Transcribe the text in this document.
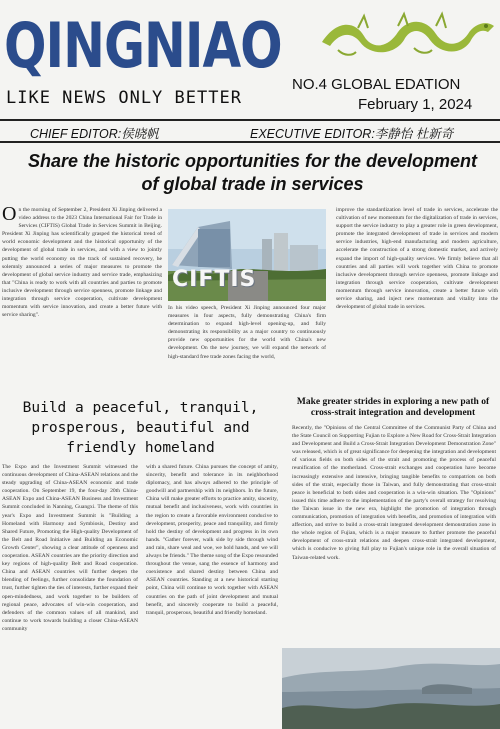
QINGNIAO
LIKE NEWS ONLY BETTER
NO.4 GLOBAL EDATION
February 1, 2024
CHIEF EDITOR:侯晓帆	EXECUTIVE EDITOR:李静怡 杜新奇
Share the historic opportunities for the development of global trade in services
On the morning of September 2, President Xi Jinping delivered a video address to the 2023 China International Fair for Trade in Services (CIFTIS) Global Trade in Services Summit in Beijing. President Xi Jinping has scientifically grasped the historical trend of world economic development and the historical opportunity of the development of global trade in services, and with a view to jointly putting the world economy on the track of sustained recovery, he solemnly announced a series of major measures to promote the development of global service industry and service trade, emphasizing that "China is ready to work with all countries and parties to promote inclusive development through service openness, promote linkage and integration through service cooperation, cultivate development momentum with service innovation, and create a better future with service sharing".
CIFTIS
In his video speech, President Xi Jinping announced four major measures in four aspects, fully demonstrating China's firm determination to expand high-level opening-up, and fully demonstrating its responsibility as a major country to continuously provide new opportunities for the world with China's new development. On the new journey, we will expand the network of high-standard free trade zones facing the world,
improve the standardization level of trade in services, accelerate the cultivation of new momentum for the digitalization of trade in services, support the service industry to play a greater role in green development, promote the integrated development of trade in services and modern service industries, high-end manufacturing and modern agriculture, accelerate the construction of a strong domestic market, and actively expand the import of high-quality services. We firmly believe that all countries and all parties will work together with China to promote inclusive development through service openness, promote linkage and integration through service cooperation, cultivate development momentum through service innovation, create a better future with service sharing, and inject new momentum and vitality into the development of global trade in services.
Build a peaceful, tranquil, prosperous, beautiful and friendly homeland
The Expo and the Investment Summit witnessed the continuous development of China-ASEAN relations and the steady upgrading of China-ASEAN economic and trade cooperation. On September 19, the four-day 20th China-ASEAN Expo and China-ASEAN Business and Investment Summit concluded in Nanning, Guangxi. The theme of this year's Expo and Investment Summit is "Building a Homeland with Harmony and Symbiosis, Destiny and Shared Future, Promoting the High-quality Development of the Belt and Road Initiative and Building an Economic Growth Center", showing a clear attitude of openness and cooperation. ASEAN countries are the priority direction and key regions of high-quality Belt and Road cooperation. China and ASEAN countries will further deepen the blending of feelings, further consolidate the foundation of trust, further tighten the ties of interests, further expand their open-mindedness, and work together to be builders of regional peace, advocates of win-win cooperation, and defenders of the common values of all mankind, and continue to work towards building a closer China-ASEAN community
with a shared future. China pursues the concept of amity, sincerity, benefit and tolerance in its neighborhood diplomacy, and has always adhered to the principle of goodwill and partnership with its neighbors. In the future, China will make greater efforts to practice amity, sincerity, mutual benefit and inclusiveness, work with countries in the region to create a favorable environment conducive to development, prosperity, peace and tranquility, and firmly hold the destiny of development and progress in its own hands. "Gather forever, walk side by side through wind and rain, share weal and woe, we hold hands, and we will always be friends." The theme song of the Expo resounded throughout the venue, sang the essence of harmony and coexistence and shared destiny between China and ASEAN countries. Standing at a new historical starting point, China will continue to work together with ASEAN countries on the path of joint development and mutual benefit, and sincerely cooperate to build a peaceful, tranquil, prosperous, beautiful and friendly homeland.
Make greater strides in exploring a new path of cross-strait integration and development
Recently, the "Opinions of the Central Committee of the Communist Party of China and the State Council on Supporting Fujian to Explore a New Road for Cross-Strait Integration and Development and Build a Cross-Strait Integration Development Demonstration Zone" was released, which is of great significance for deepening the integration and development of various fields on both sides of the strait and promoting the process of peaceful reunification of the motherland. Cross-strait exchanges and cooperation have become increasingly extensive and intensive, bringing tangible benefits to compatriots on both sides of the strait, especially those in Taiwan, and fully demonstrating that cross-strait peace is beneficial to both sides and cooperation is a win-win situation. The "Opinions" issued this time adhere to the implementation of the party's overall strategy for resolving the Taiwan issue in the new era, highlight the promotion of integration through communication, promotion of integration with benefits, and promotion of integration with affection, and strive to build a cross-strait integrated development demonstration zone in the whole region of Fujian, which is a major measure to further promote the peaceful development of cross-strait relations and deepen cross-strait integrated development, which is conducive to giving full play to Fujian's unique role in the overall situation of Taiwan-related work.
